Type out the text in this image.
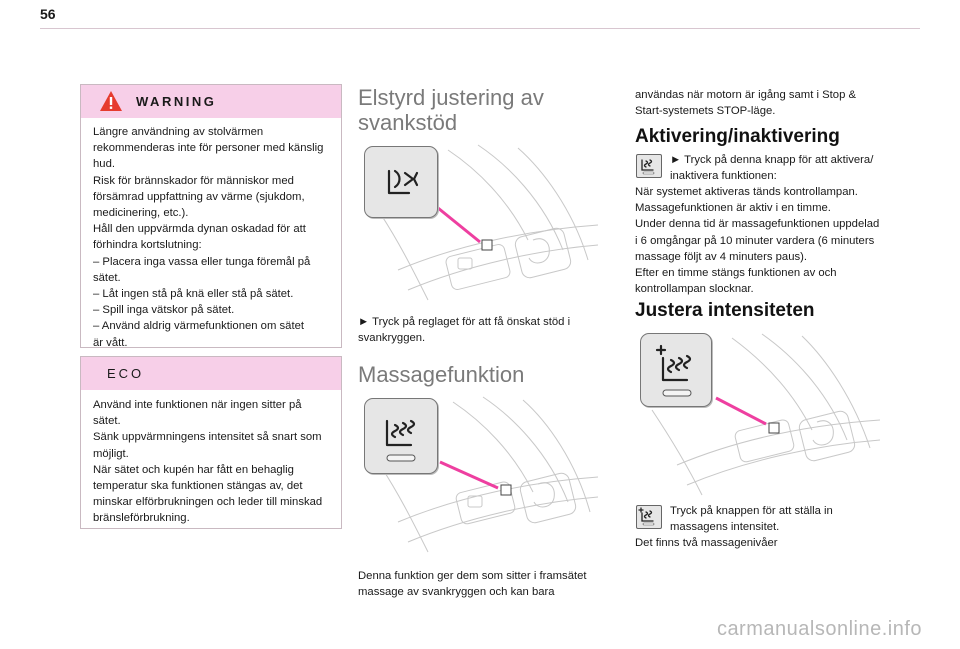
56
WARNING
Längre användning av stolvärmen
rekommenderas inte för personer med känslig
hud.
Risk för brännskador för människor med
försämrad uppfattning av värme (sjukdom,
medicinering, etc.).
Håll den uppvärmda dynan oskadad för att
förhindra kortslutning:
– Placera inga vassa eller tunga föremål på
sätet.
– Låt ingen stå på knä eller stå på sätet.
– Spill inga vätskor på sätet.
– Använd aldrig värmefunktionen om sätet
är vått.
ECO
Använd inte funktionen när ingen sitter på
sätet.
Sänk uppvärmningens intensitet så snart som
möjligt.
När sätet och kupén har fått en behaglig
temperatur ska funktionen stängas av, det
minskar elförbrukningen och leder till minskad
bränsleförbrukning.
Elstyrd justering av
svankstöd
► Tryck på reglaget för att få önskat stöd i
svankryggen.
Massagefunktion
Denna funktion ger dem som sitter i framsätet
massage av svankryggen och kan bara
användas när motorn är igång samt i Stop &
Start-systemets STOP-läge.
Aktivering/inaktivering
► Tryck på denna knapp för att aktivera/
inaktivera funktionen:
När systemet aktiveras tänds kontrollampan.
Massagefunktionen är aktiv i en timme.
Under denna tid är massagefunktionen uppdelad
i 6 omgångar på 10 minuter vardera (6 minuters
massage följt av 4 minuters paus).
Efter en timme stängs funktionen av och
kontrollampan slocknar.
Justera intensiteten
Tryck på knappen för att ställa in
massagens intensitet.
Det finns två massagenivåer
carmanualsonline.info
